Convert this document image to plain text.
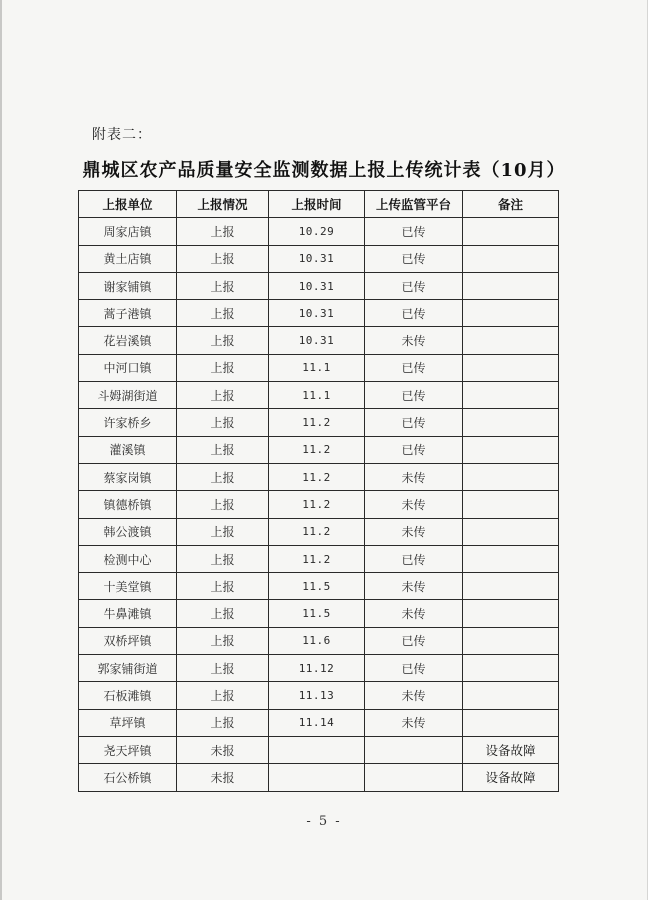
附表二：
鼎城区农产品质量安全监测数据上报上传统计表（10月）
上报单位	上报情况	上报时间	上传监管平台	备注
周家店镇	上报	10.29	已传	
黄土店镇	上报	10.31	已传	
谢家铺镇	上报	10.31	已传	
蒿子港镇	上报	10.31	已传	
花岩溪镇	上报	10.31	未传	
中河口镇	上报	11.1	已传	
斗姆湖街道	上报	11.1	已传	
许家桥乡	上报	11.2	已传	
灌溪镇	上报	11.2	已传	
蔡家岗镇	上报	11.2	未传	
镇德桥镇	上报	11.2	未传	
韩公渡镇	上报	11.2	未传	
检测中心	上报	11.2	已传	
十美堂镇	上报	11.5	未传	
牛鼻滩镇	上报	11.5	未传	
双桥坪镇	上报	11.6	已传	
郭家铺街道	上报	11.12	已传	
石板滩镇	上报	11.13	未传	
草坪镇	上报	11.14	未传	
尧天坪镇	未报			设备故障
石公桥镇	未报			设备故障
- 5 -
